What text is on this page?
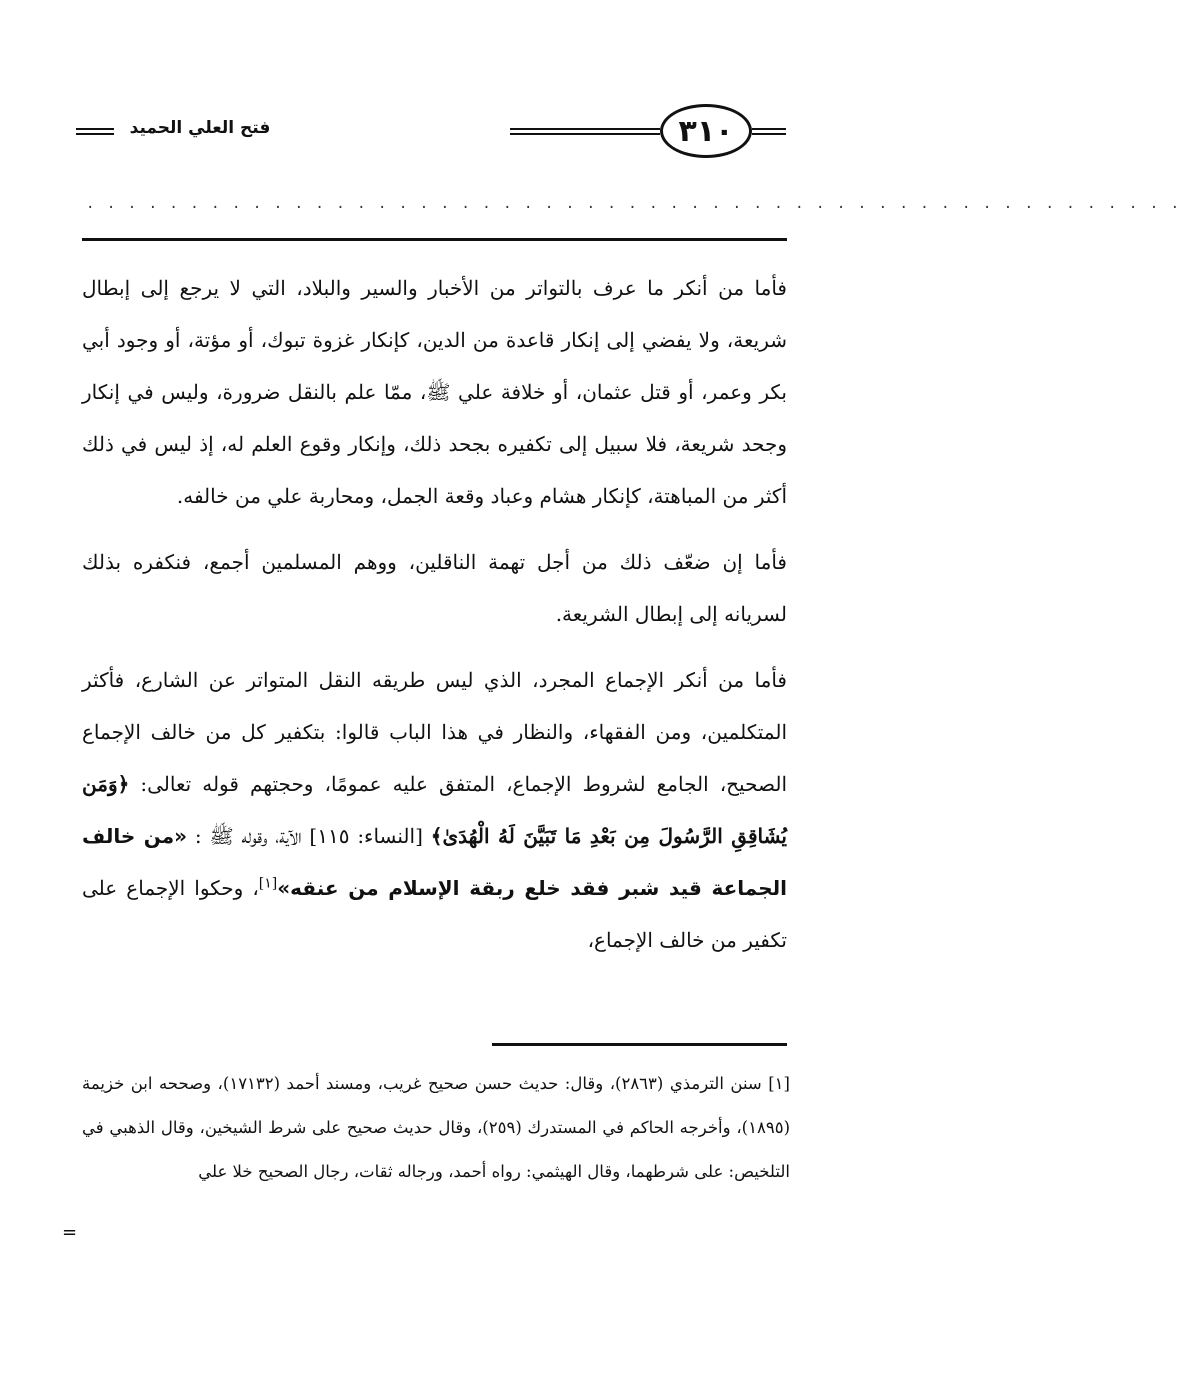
فتح العلي الحميد	٣١٠
. . . . . . . . . . . . . . . . . . . . . . . . . . . . . . . . . . . . . . . . . . . . . . . . . . . . .

فأما من أنكر ما عرف بالتواتر من الأخبار والسير والبلاد، التي لا يرجع إلى إبطال شريعة، ولا يفضي إلى إنكار قاعدة من الدين، كإنكار غزوة تبوك، أو مؤتة، أو وجود أبي بكر وعمر، أو قتل عثمان، أو خلافة علي ﷺ، ممّا علم بالنقل ضرورة، وليس في إنكار وجحد شريعة، فلا سبيل إلى تكفيره بجحد ذلك، وإنكار وقوع العلم له، إذ ليس في ذلك أكثر من المباهتة، كإنكار هشام وعباد وقعة الجمل، ومحاربة علي من خالفه.

فأما إن ضعّف ذلك من أجل تهمة الناقلين، ووهم المسلمين أجمع، فنكفره بذلك لسريانه إلى إبطال الشريعة.

فأما من أنكر الإجماع المجرد، الذي ليس طريقه النقل المتواتر عن الشارع، فأكثر المتكلمين، ومن الفقهاء، والنظار في هذا الباب قالوا: بتكفير كل من خالف الإجماع الصحيح، الجامع لشروط الإجماع، المتفق عليه عمومًا، وحجتهم قوله تعالى: ﴿وَمَن يُشَاقِقِ الرَّسُولَ مِن بَعْدِ مَا تَبَيَّنَ لَهُ الْهُدَىٰ﴾ [النساء: ١١٥] الآية، وقوله ﷺ : «من خالف الجماعة قيد شبر فقد خلع ربقة الإسلام من عنقه»[١]، وحكوا الإجماع على تكفير من خالف الإجماع،

[١] سنن الترمذي (٢٨٦٣)، وقال: حديث حسن صحيح غريب، ومسند أحمد (١٧١٣٢)، وصححه ابن خزيمة (١٨٩٥)، وأخرجه الحاكم في المستدرك (٢٥٩)، وقال حديث صحيح على شرط الشيخين، وقال الذهبي في التلخيص: على شرطهما، وقال الهيثمي: رواه أحمد، ورجاله ثقات، رجال الصحيح خلا علي

=
